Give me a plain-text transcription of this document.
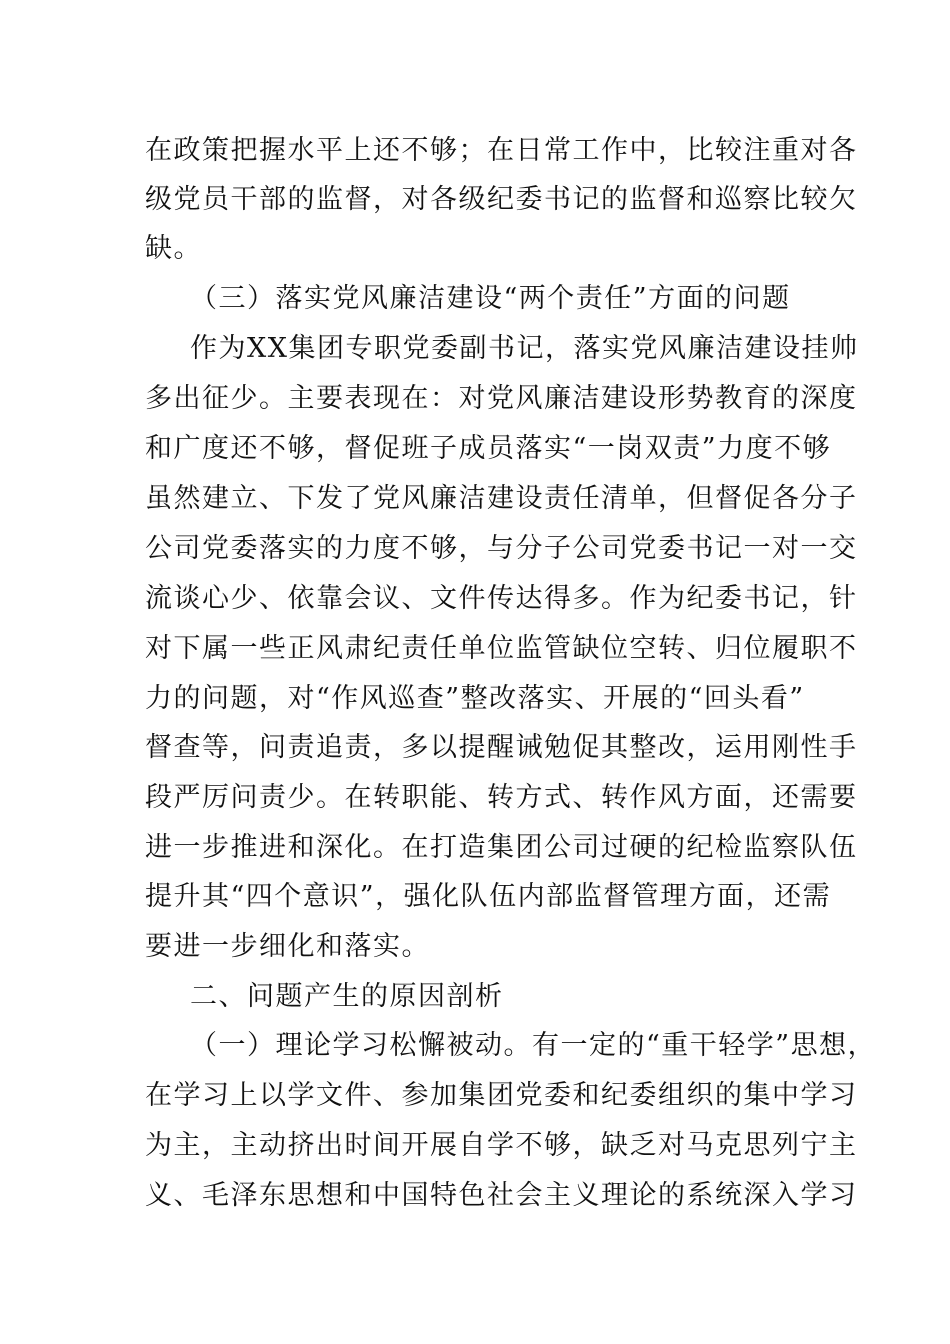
在政策把握水平上还不够；在日常工作中，比较注重对各
级党员干部的监督，对各级纪委书记的监督和巡察比较欠
缺。
（三）落实党风廉洁建设“两个责任”方面的问题
作为XX集团专职党委副书记，落实党风廉洁建设挂帅
多出征少。主要表现在：对党风廉洁建设形势教育的深度
和广度还不够，督促班子成员落实“一岗双责”力度不够
虽然建立、下发了党风廉洁建设责任清单，但督促各分子
公司党委落实的力度不够，与分子公司党委书记一对一交
流谈心少、依靠会议、文件传达得多。作为纪委书记，针
对下属一些正风肃纪责任单位监管缺位空转、归位履职不
力的问题，对“作风巡查”整改落实、开展的“回头看”
督查等，问责追责，多以提醒诫勉促其整改，运用刚性手
段严厉问责少。在转职能、转方式、转作风方面，还需要
进一步推进和深化。在打造集团公司过硬的纪检监察队伍
提升其“四个意识”，强化队伍内部监督管理方面，还需
要进一步细化和落实。
二、问题产生的原因剖析
（一）理论学习松懈被动。有一定的“重干轻学”思想，
在学习上以学文件、参加集团党委和纪委组织的集中学习
为主，主动挤出时间开展自学不够，缺乏对马克思列宁主
义、毛泽东思想和中国特色社会主义理论的系统深入学习
